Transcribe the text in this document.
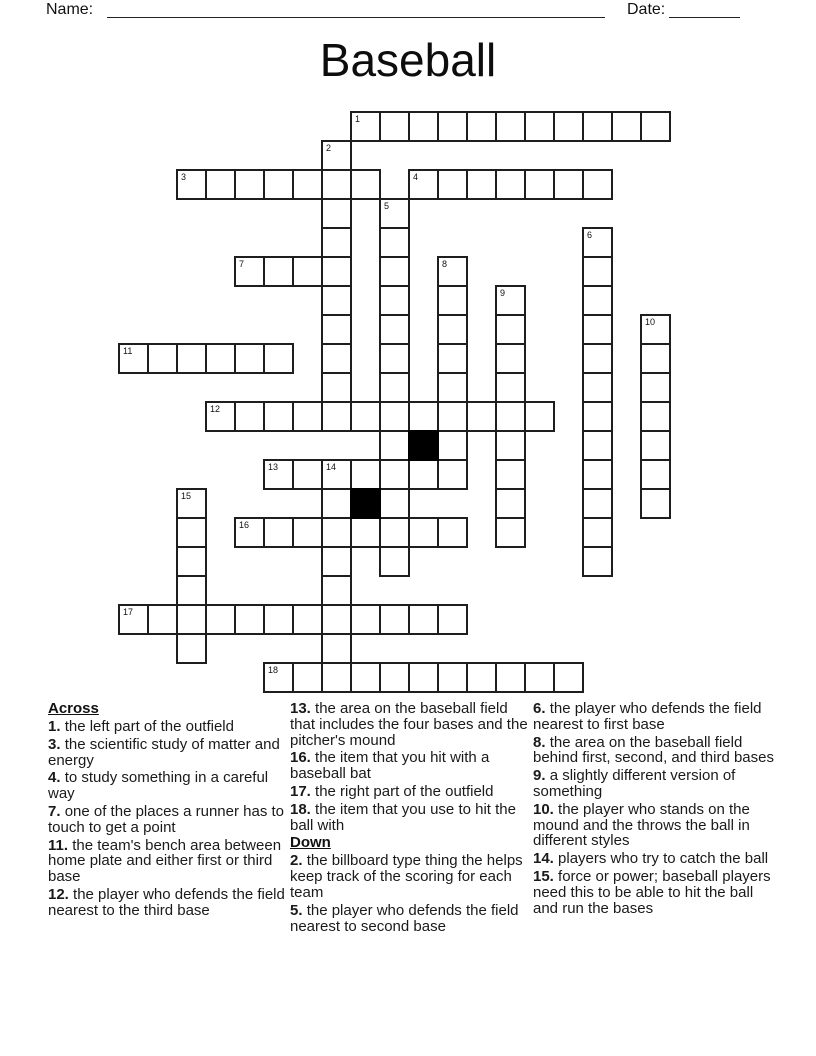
Name:	Date:
Baseball
1
2
3	4
5
6
7	8
9
10
11
12
13	14
15
16
17
18
Across
1. the left part of the outfield
3. the scientific study of matter and energy
4. to study something in a careful way
7. one of the places a runner has to touch to get a point
11. the team's bench area between home plate and either first or third base
12. the player who defends the field nearest to the third base
13. the area on the baseball field that includes the four bases and the pitcher's mound
16. the item that you hit with a baseball bat
17. the right part of the outfield
18. the item that you use to hit the ball with
Down
2. the billboard type thing the helps keep track of the scoring for each team
5. the player who defends the field nearest to second base
6. the player who defends the field nearest to first base
8. the area on the baseball field behind first, second, and third bases
9. a slightly different version of something
10. the player who stands on the mound and the throws the ball in different styles
14. players who try to catch the ball
15. force or power; baseball players need this to be able to hit the ball and run the bases
